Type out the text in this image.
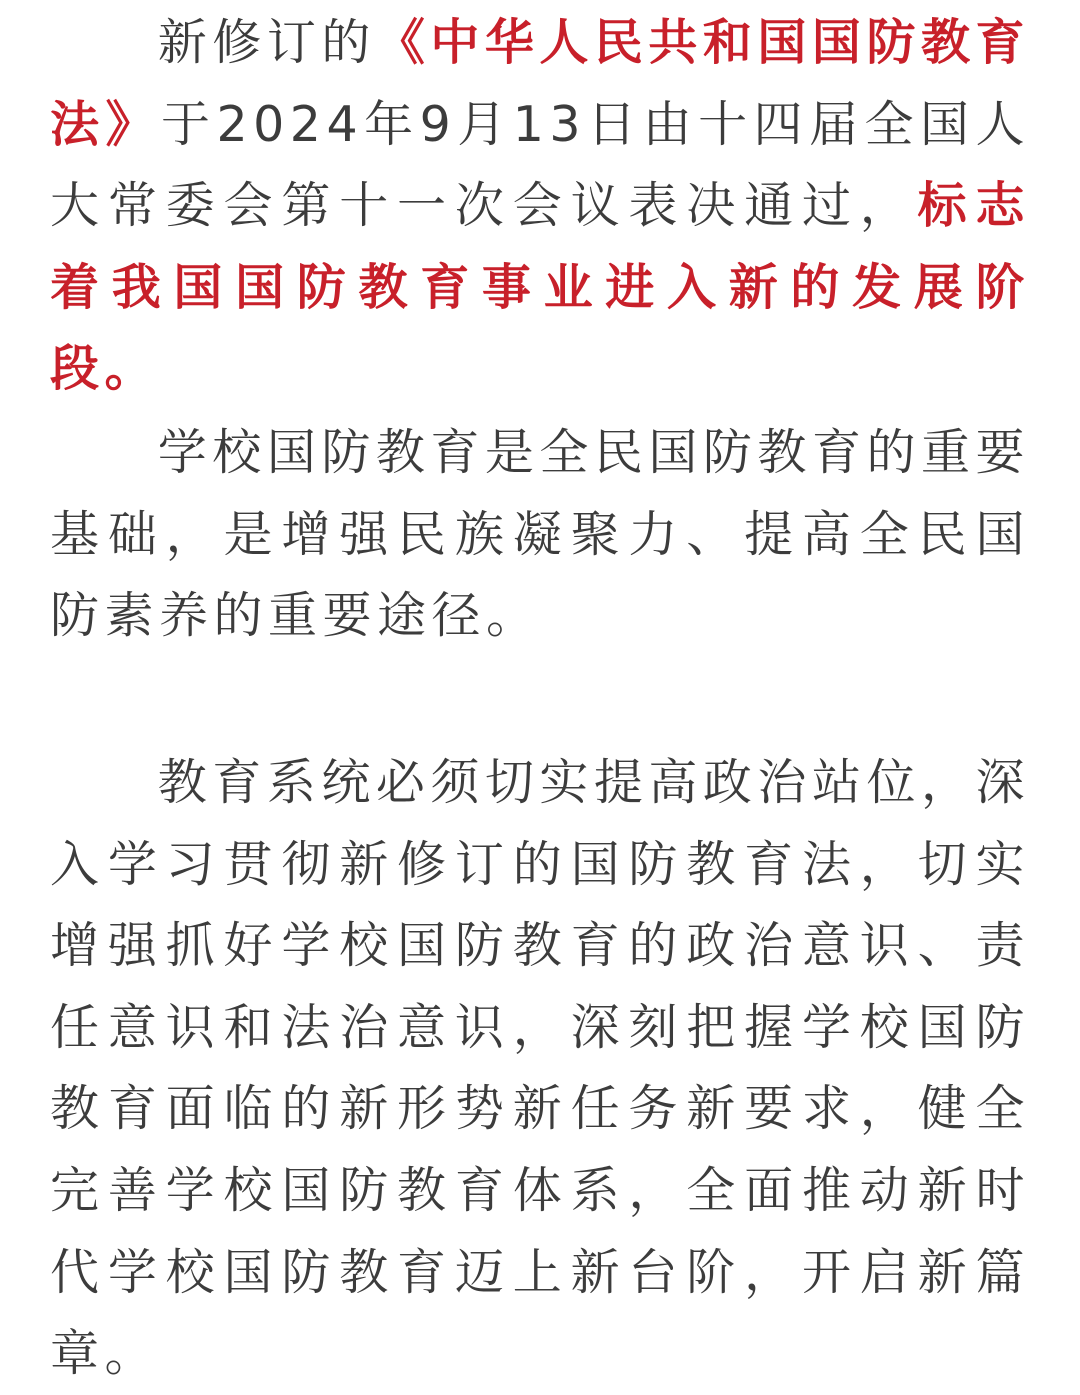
新修订的《中华人民共和国国防教育法》于2024年9月13日由十四届全国人大常委会第十一次会议表决通过，标志着我国国防教育事业进入新的发展阶段。

学校国防教育是全民国防教育的重要基础，是增强民族凝聚力、提高全民国防素养的重要途径。

教育系统必须切实提高政治站位，深入学习贯彻新修订的国防教育法，切实增强抓好学校国防教育的政治意识、责任意识和法治意识，深刻把握学校国防教育面临的新形势新任务新要求，健全完善学校国防教育体系，全面推动新时代学校国防教育迈上新台阶，开启新篇章。
